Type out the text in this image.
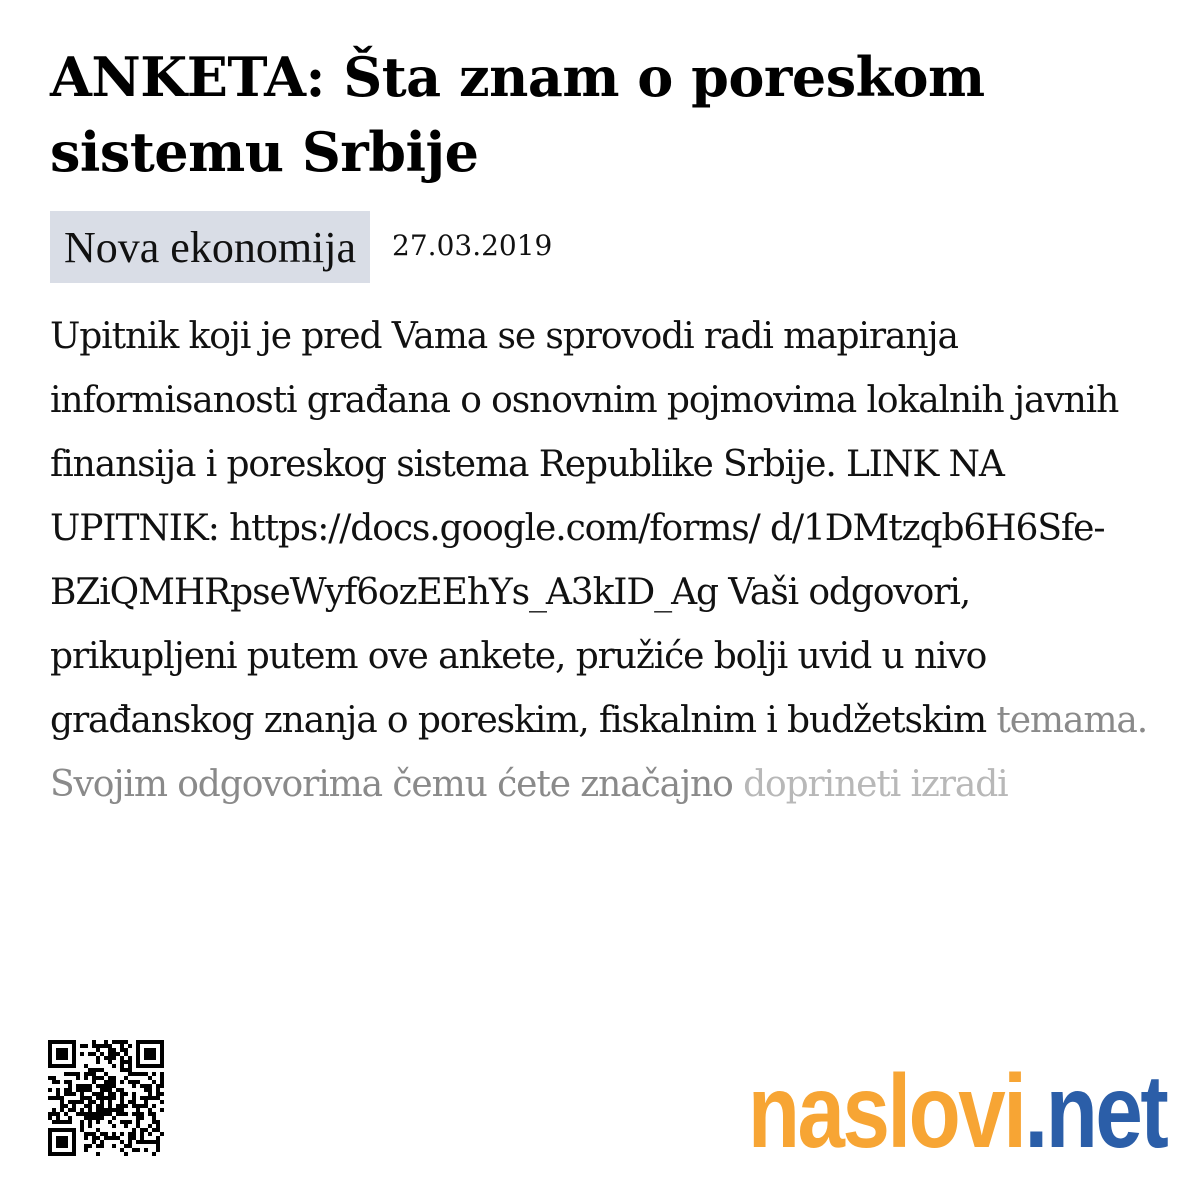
ANKETA: Šta znam o poreskom sistemu Srbije
Nova ekonomija	27.03.2019

Upitnik koji je pred Vama se sprovodi radi mapiranja informisanosti građana o osnovnim pojmovima lokalnih javnih finansija i poreskog sistema Republike Srbije. LINK NA UPITNIK: https://docs.google.com/forms/ d/1DMtzqb6H6Sfe-BZiQMHRpseWyf6ozEEhYs_A3kID_Ag Vaši odgovori, prikupljeni putem ove ankete, pružiće bolji uvid u nivo građanskog znanja o poreskim, fiskalnim i budžetskim temama. Svojim odgovorima čemu ćete značajno doprineti izradi

naslovi.net
